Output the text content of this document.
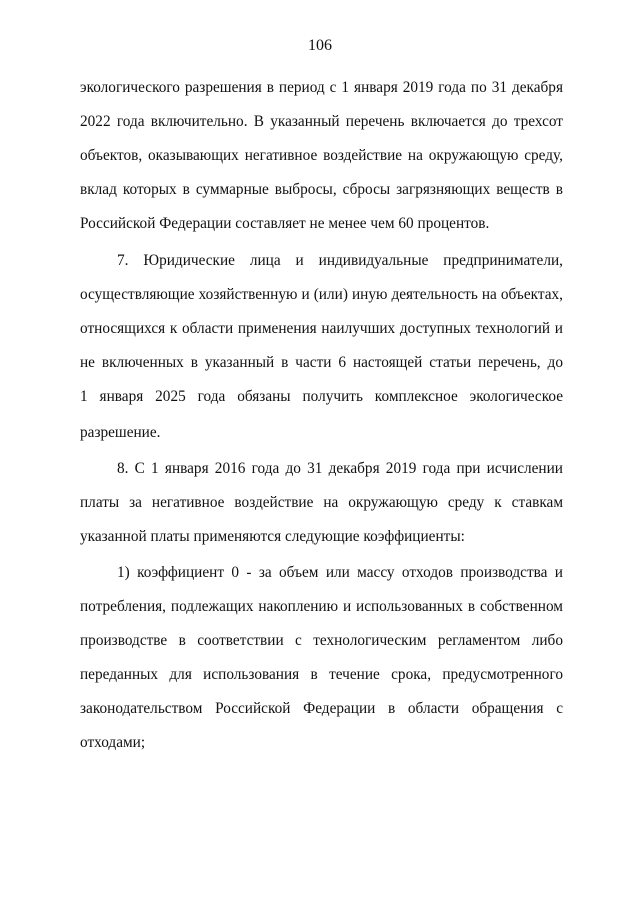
106
экологического разрешения в период с 1 января 2019 года по 31 декабря
2022 года включительно. В указанный перечень включается до трехсот
объектов, оказывающих негативное воздействие на окружающую среду,
вклад которых в суммарные выбросы, сбросы загрязняющих веществ в
Российской Федерации составляет не менее чем 60 процентов.
7. Юридические лица и индивидуальные предприниматели,
осуществляющие хозяйственную и (или) иную деятельность на объектах,
относящихся к области применения наилучших доступных технологий и
не включенных в указанный в части 6 настоящей статьи перечень, до
1 января 2025 года обязаны получить комплексное экологическое
разрешение.
8. С 1 января 2016 года до 31 декабря 2019 года при исчислении
платы за негативное воздействие на окружающую среду к ставкам
указанной платы применяются следующие коэффициенты:
1) коэффициент 0 - за объем или массу отходов производства и
потребления, подлежащих накоплению и использованных в собственном
производстве в соответствии с технологическим регламентом либо
переданных для использования в течение срока, предусмотренного
законодательством Российской Федерации в области обращения с
отходами;
